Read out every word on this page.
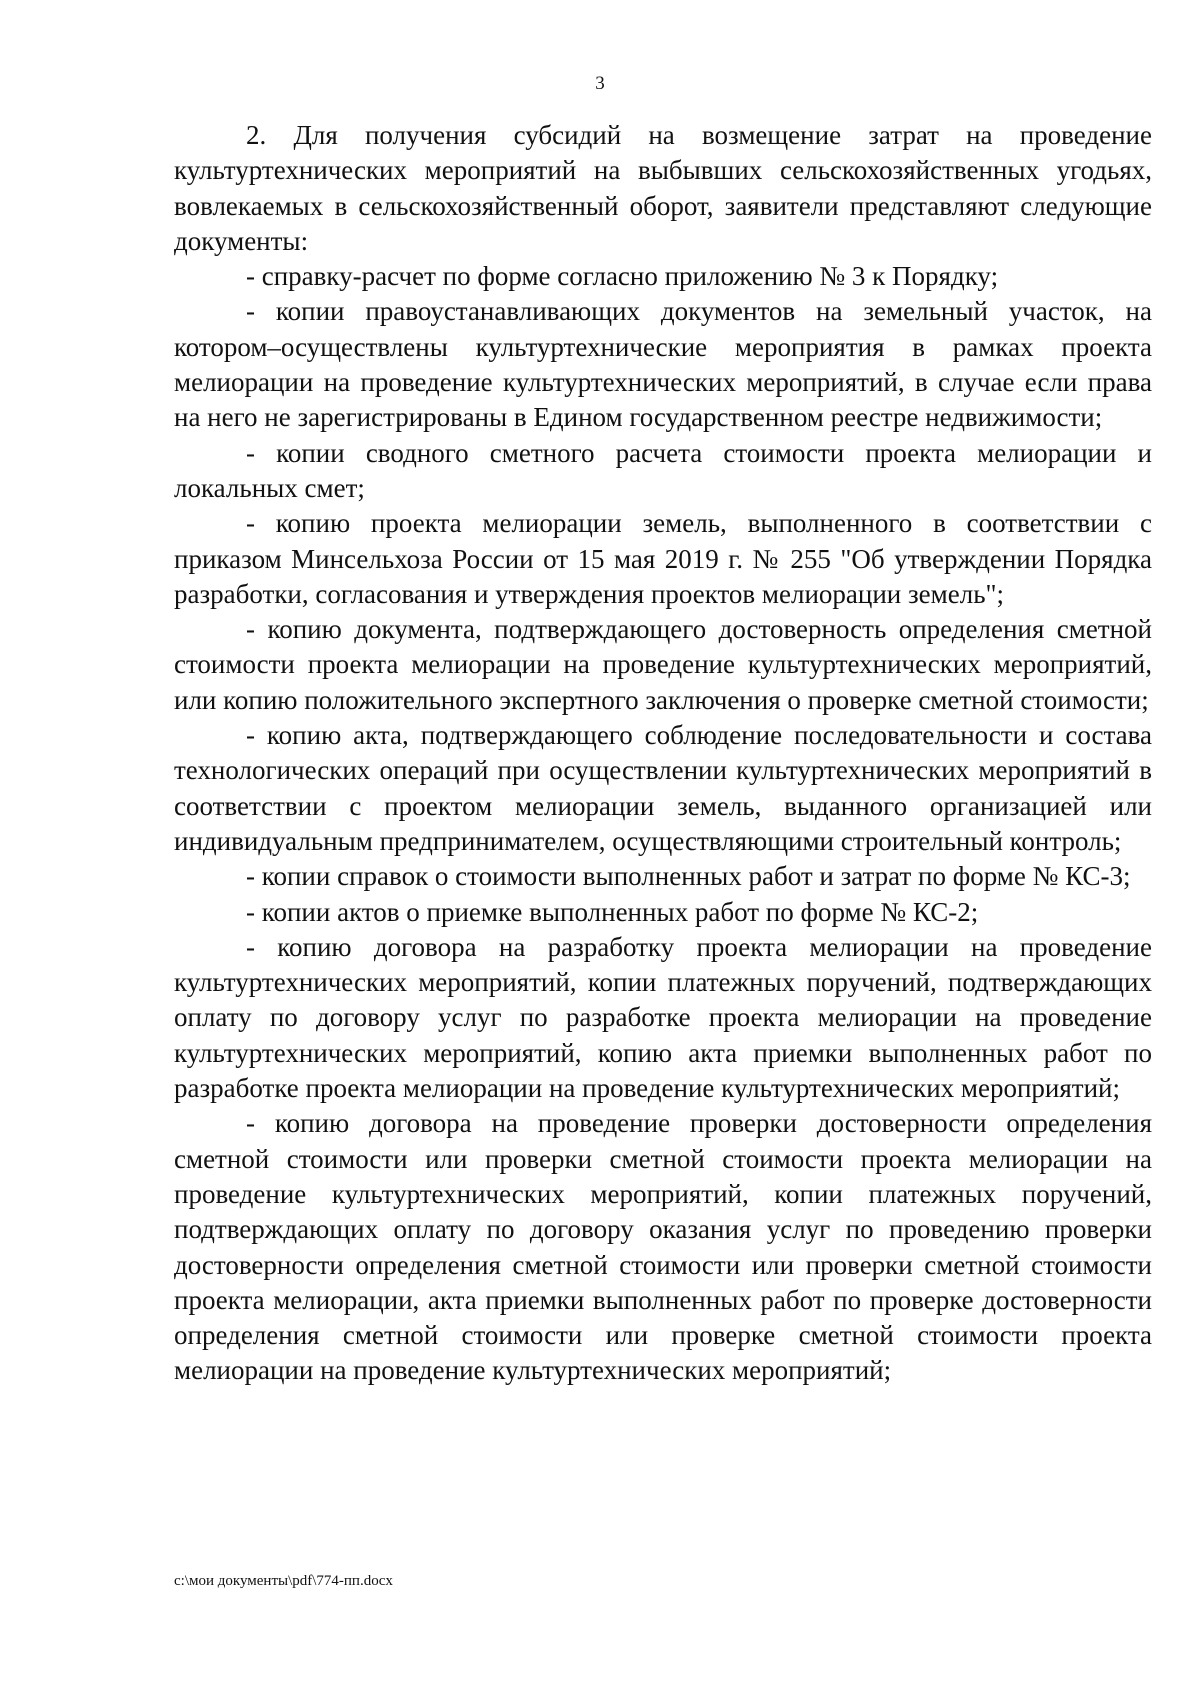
3

2. Для получения субсидий на возмещение затрат на проведение культуртехнических мероприятий на выбывших сельскохозяйственных угодьях, вовлекаемых в сельскохозяйственный оборот, заявители представляют следующие документы:

- справку-расчет по форме согласно приложению № 3 к Порядку;

- копии правоустанавливающих документов на земельный участок, на котором–осуществлены культуртехнические мероприятия в рамках проекта мелиорации на проведение культуртехнических мероприятий, в случае если права на него не зарегистрированы в Едином государственном реестре недвижимости;

- копии сводного сметного расчета стоимости проекта мелиорации и локальных смет;

- копию проекта мелиорации земель, выполненного в соответствии с приказом Минсельхоза России от 15 мая 2019 г. № 255 "Об утверждении Порядка разработки, согласования и утверждения проектов мелиорации земель";

- копию документа, подтверждающего достоверность определения сметной стоимости проекта мелиорации на проведение культуртехнических мероприятий, или копию положительного экспертного заключения о проверке сметной стоимости;

- копию акта, подтверждающего соблюдение последовательности и состава технологических операций при осуществлении культуртехнических мероприятий в соответствии с проектом мелиорации земель, выданного организацией или индивидуальным предпринимателем, осуществляющими строительный контроль;

- копии справок о стоимости выполненных работ и затрат по форме № КС-3;

- копии актов о приемке выполненных работ по форме № КС-2;

- копию договора на разработку проекта мелиорации на проведение культуртехнических мероприятий, копии платежных поручений, подтверждающих оплату по договору услуг по разработке проекта мелиорации на проведение культуртехнических мероприятий, копию акта приемки выполненных работ по разработке проекта мелиорации на проведение культуртехнических мероприятий;

- копию договора на проведение проверки достоверности определения сметной стоимости или проверки сметной стоимости проекта мелиорации на проведение культуртехнических мероприятий, копии платежных поручений, подтверждающих оплату по договору оказания услуг по проведению проверки достоверности определения сметной стоимости или проверки сметной стоимости проекта мелиорации, акта приемки выполненных работ по проверке достоверности определения сметной стоимости или проверке сметной стоимости проекта мелиорации на проведение культуртехнических мероприятий;

c:\мои документы\pdf\774-пп.docx
